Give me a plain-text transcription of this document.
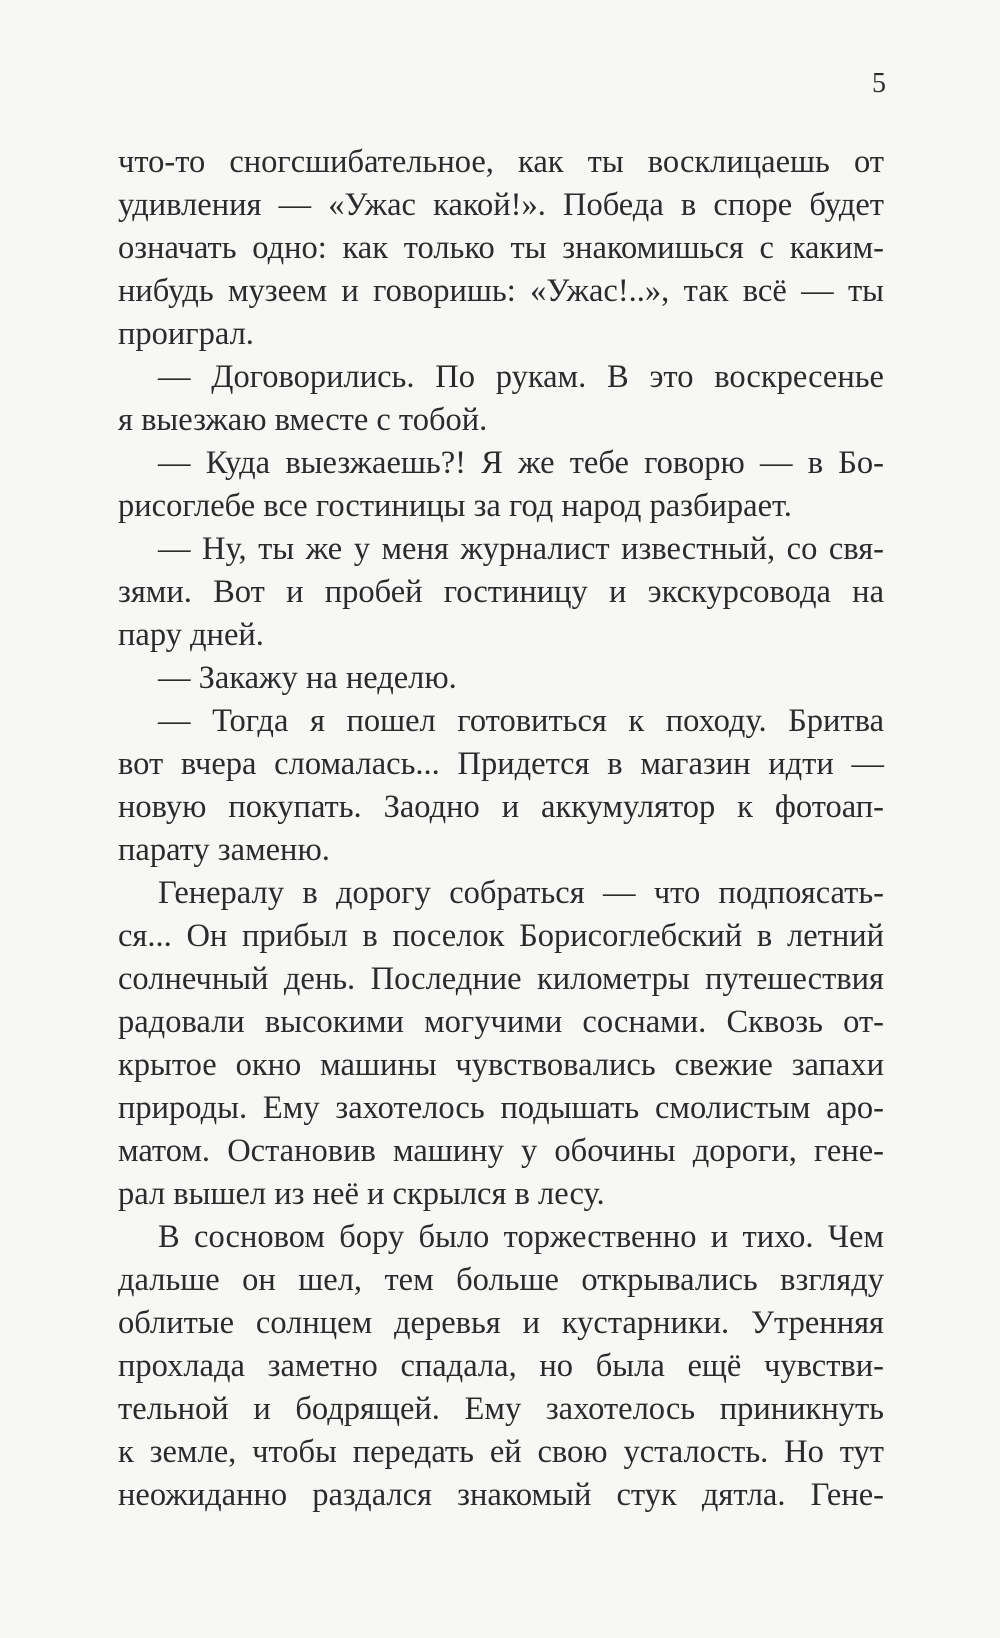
5
что-то сногсшибательное, как ты восклицаешь от
удивления — «Ужас какой!». Победа в споре будет
означать одно: как только ты знакомишься с каким-
нибудь музеем и говоришь: «Ужас!..», так всё — ты
проиграл.
— Договорились. По рукам. В это воскресенье
я выезжаю вместе с тобой.
— Куда выезжаешь?! Я же тебе говорю — в Бо-
рисоглебе все гостиницы за год народ разбирает.
— Ну, ты же у меня журналист известный, со свя-
зями. Вот и пробей гостиницу и экскурсовода на
пару дней.
— Закажу на неделю.
— Тогда я пошел готовиться к походу. Бритва
вот вчера сломалась... Придется в магазин идти —
новую покупать. Заодно и аккумулятор к фотоап-
парату заменю.
Генералу в дорогу собраться — что подпоясать-
ся... Он прибыл в поселок Борисоглебский в летний
солнечный день. Последние километры путешествия
радовали высокими могучими соснами. Сквозь от-
крытое окно машины чувствовались свежие запахи
природы. Ему захотелось подышать смолистым аро-
матом. Остановив машину у обочины дороги, гене-
рал вышел из неё и скрылся в лесу.
В сосновом бору было торжественно и тихо. Чем
дальше он шел, тем больше открывались взгляду
облитые солнцем деревья и кустарники. Утренняя
прохлада заметно спадала, но была ещё чувстви-
тельной и бодрящей. Ему захотелось приникнуть
к земле, чтобы передать ей свою усталость. Но тут
неожиданно раздался знакомый стук дятла. Гене-
